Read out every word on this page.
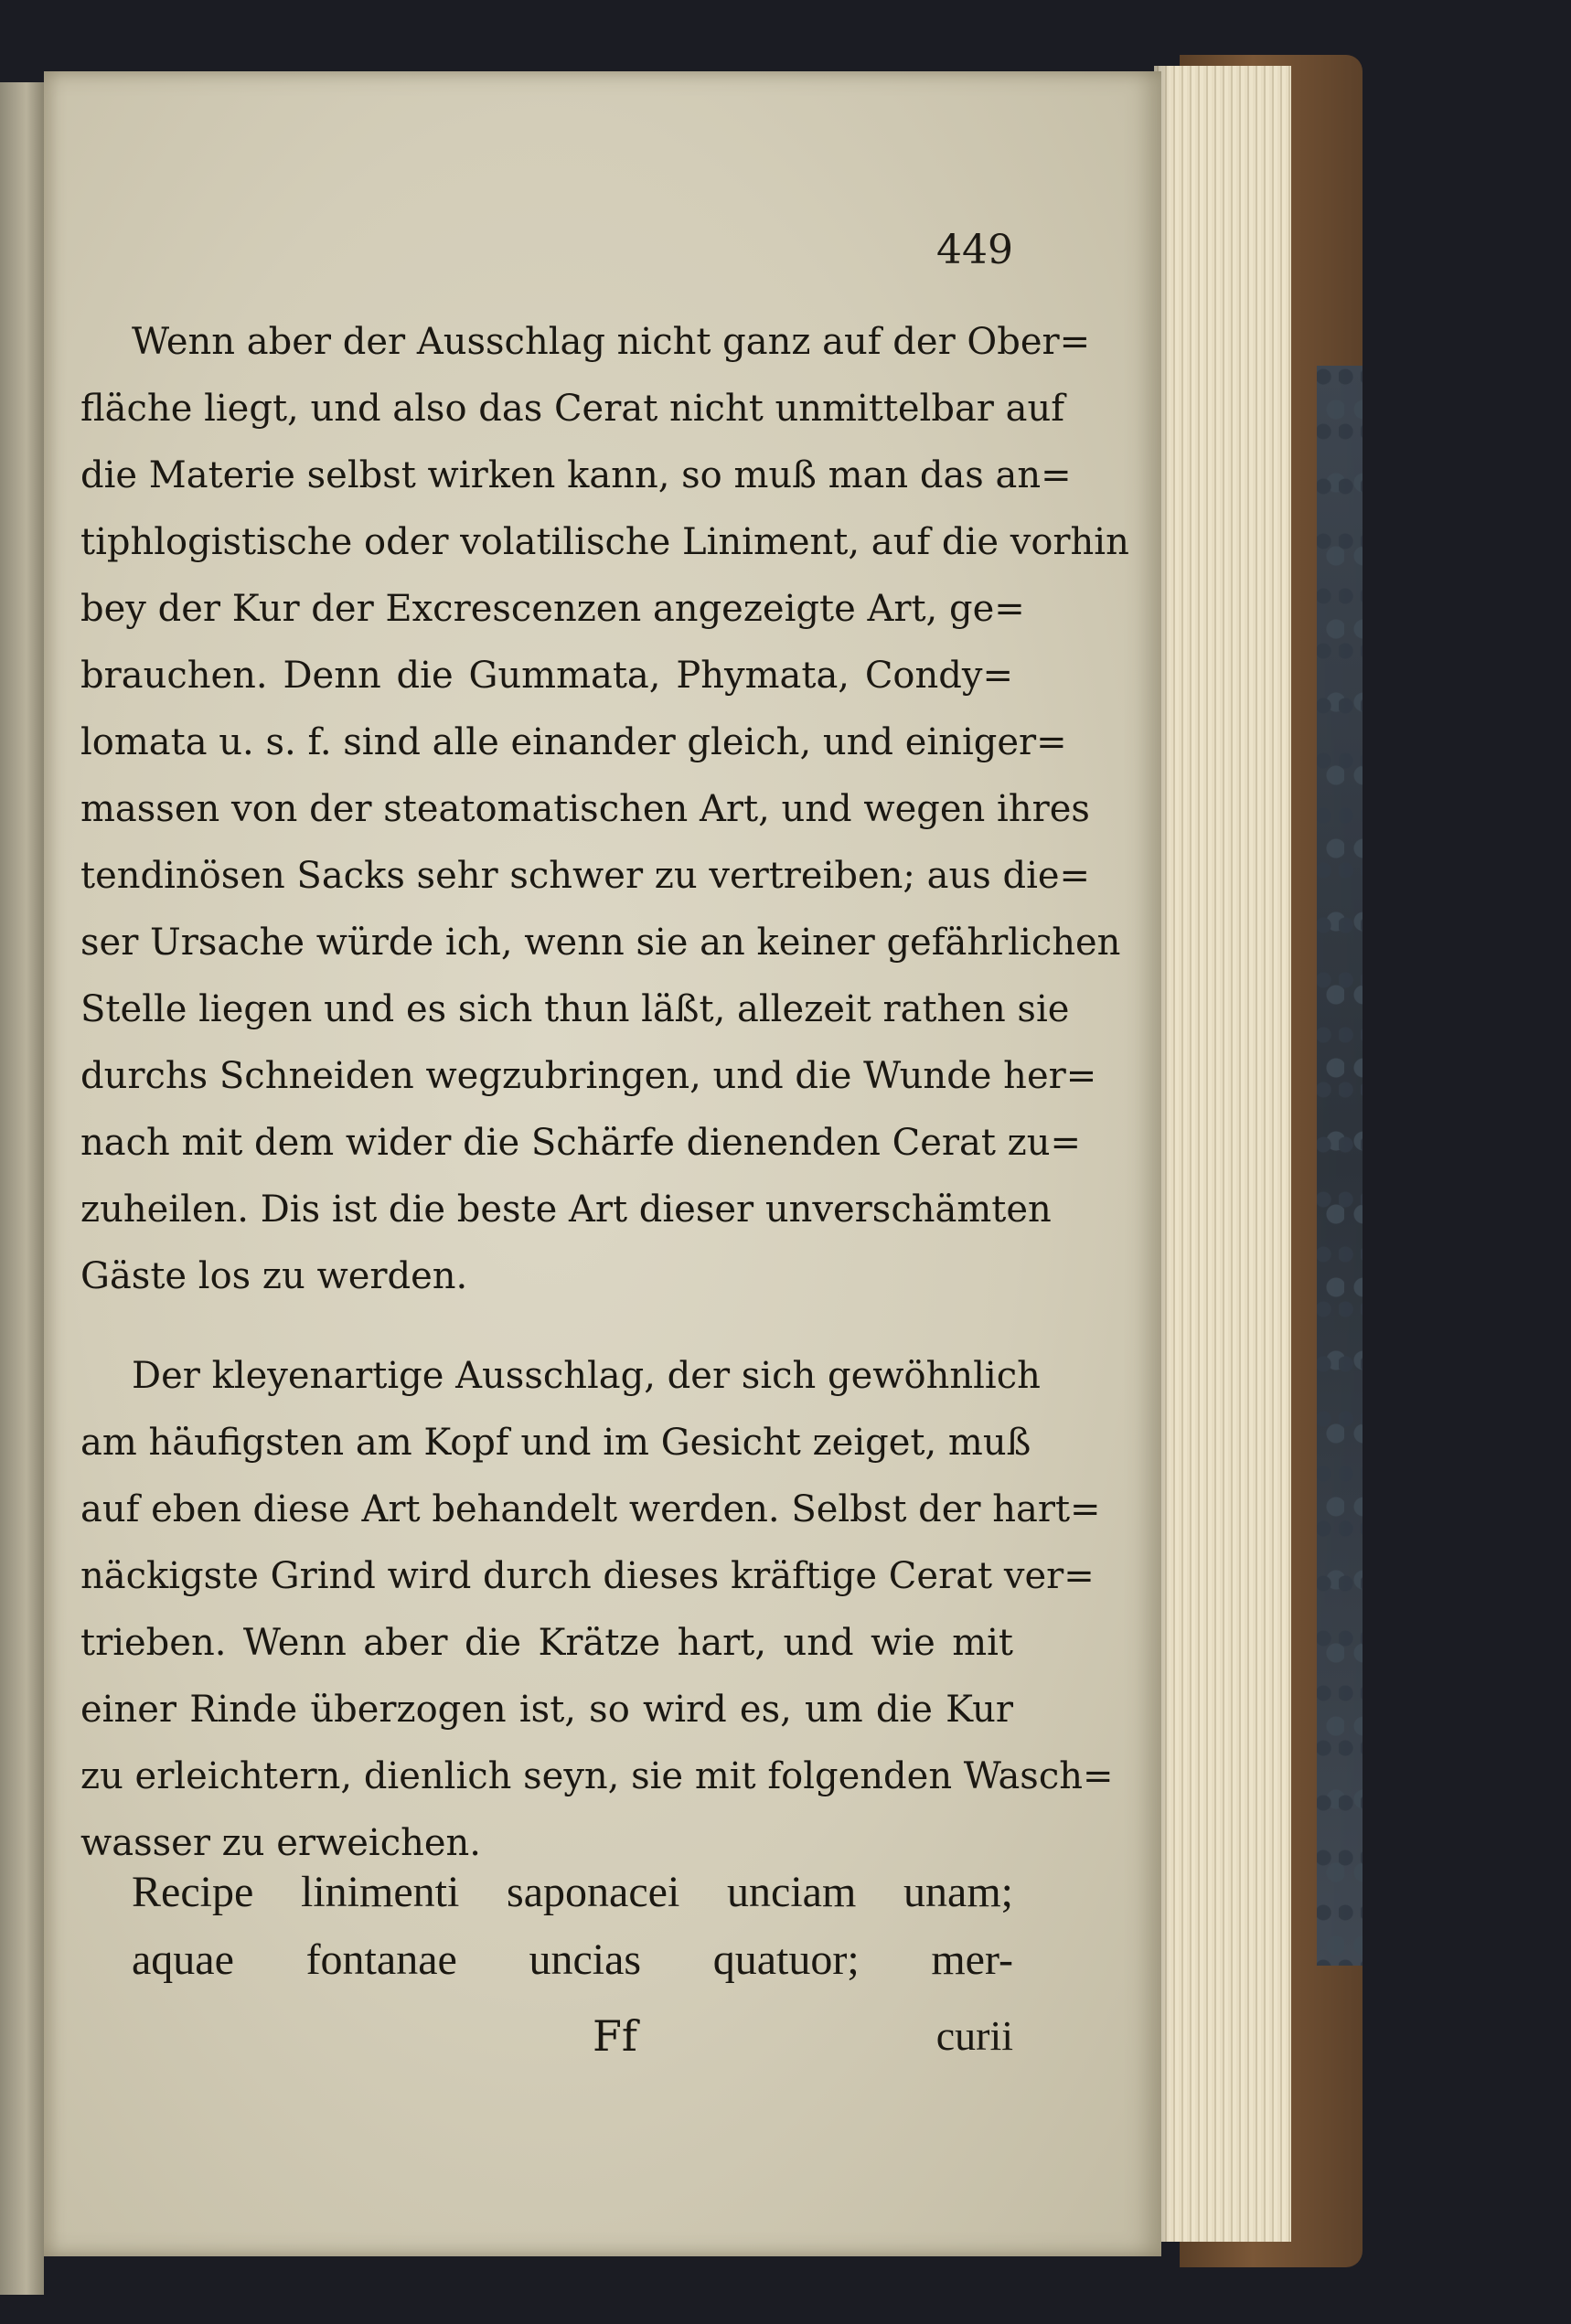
449
Wenn aber der Ausschlag nicht ganz auf der Ober=
fläche liegt, und also das Cerat nicht unmittelbar auf
die Materie selbst wirken kann, so muß man das an=
tiphlogistische oder volatilische Liniment, auf die vorhin
bey der Kur der Excrescenzen angezeigte Art, ge=
brauchen. Denn die Gummata, Phymata, Condy=
lomata u. s. f. sind alle einander gleich, und einiger=
massen von der steatomatischen Art, und wegen ihres
tendinösen Sacks sehr schwer zu vertreiben; aus die=
ser Ursache würde ich, wenn sie an keiner gefährlichen
Stelle liegen und es sich thun läßt, allezeit rathen sie
durchs Schneiden wegzubringen, und die Wunde her=
nach mit dem wider die Schärfe dienenden Cerat zu=
zuheilen. Dis ist die beste Art dieser unverschämten
Gäste los zu werden.
Der kleyenartige Ausschlag, der sich gewöhnlich
am häufigsten am Kopf und im Gesicht zeiget, muß
auf eben diese Art behandelt werden. Selbst der hart=
näckigste Grind wird durch dieses kräftige Cerat ver=
trieben. Wenn aber die Krätze hart, und wie mit
einer Rinde überzogen ist, so wird es, um die Kur
zu erleichtern, dienlich seyn, sie mit folgenden Wasch=
wasser zu erweichen.
Recipe linimenti saponacei unciam unam;
aquae fontanae uncias quatuor; mer-
Ff	curii
